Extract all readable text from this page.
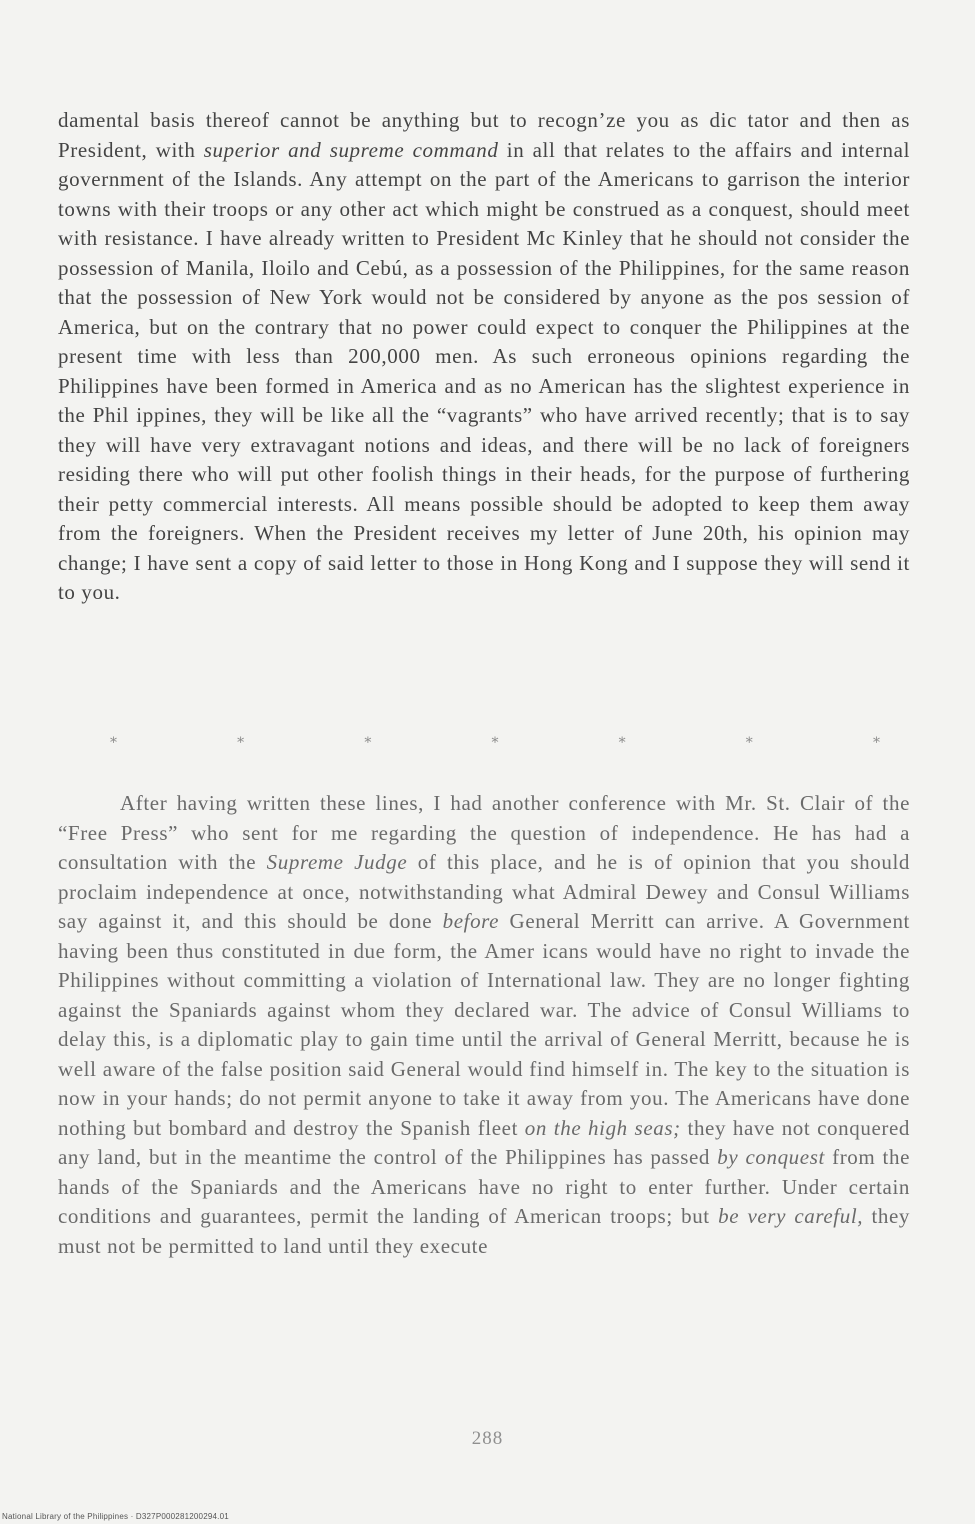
damental basis thereof cannot be anything but to recogn’ze you as dic tator and then as President, with superior and supreme command in all that relates to the affairs and internal government of the Islands. Any attempt on the part of the Americans to garrison the interior towns with their troops or any other act which might be construed as a conquest, should meet with resistance. I have already written to President Mc Kinley that he should not consider the possession of Manila, Iloilo and Cebú, as a possession of the Philippines, for the same reason that the possession of New York would not be considered by anyone as the pos session of America, but on the contrary that no power could expect to conquer the Philippines at the present time with less than 200,000 men. As such erroneous opinions regarding the Philippines have been formed in America and as no American has the slightest experience in the Phil ippines, they will be like all the “vagrants” who have arrived recently; that is to say they will have very extravagant notions and ideas, and there will be no lack of foreigners residing there who will put other foolish things in their heads, for the purpose of furthering their petty commercial interests. All means possible should be adopted to keep them away from the foreigners. When the President receives my letter of June 20th, his opinion may change; I have sent a copy of said letter to those in Hong Kong and I suppose they will send it to you.

*	*	*	*	*	*	*

After having written these lines, I had another conference with Mr. St. Clair of the “Free Press” who sent for me regarding the question of independence. He has had a consultation with the Supreme Judge of this place, and he is of opinion that you should proclaim independence at once, notwithstanding what Admiral Dewey and Consul Williams say against it, and this should be done before General Merritt can arrive. A Government having been thus constituted in due form, the Amer icans would have no right to invade the Philippines without committing a violation of International law. They are no longer fighting against the Spaniards against whom they declared war. The advice of Consul Williams to delay this, is a diplomatic play to gain time until the arrival of General Merritt, because he is well aware of the false position said General would find himself in. The key to the situation is now in your hands; do not permit anyone to take it away from you. The Americans have done nothing but bombard and destroy the Spanish fleet on the high seas; they have not conquered any land, but in the meantime the control of the Philippines has passed by conquest from the hands of the Spaniards and the Americans have no right to enter further. Under certain conditions and guarantees, permit the landing of American troops; but be very careful, they must not be permitted to land until they execute

288
National Library of the Philippines · D327P000281200294.01
